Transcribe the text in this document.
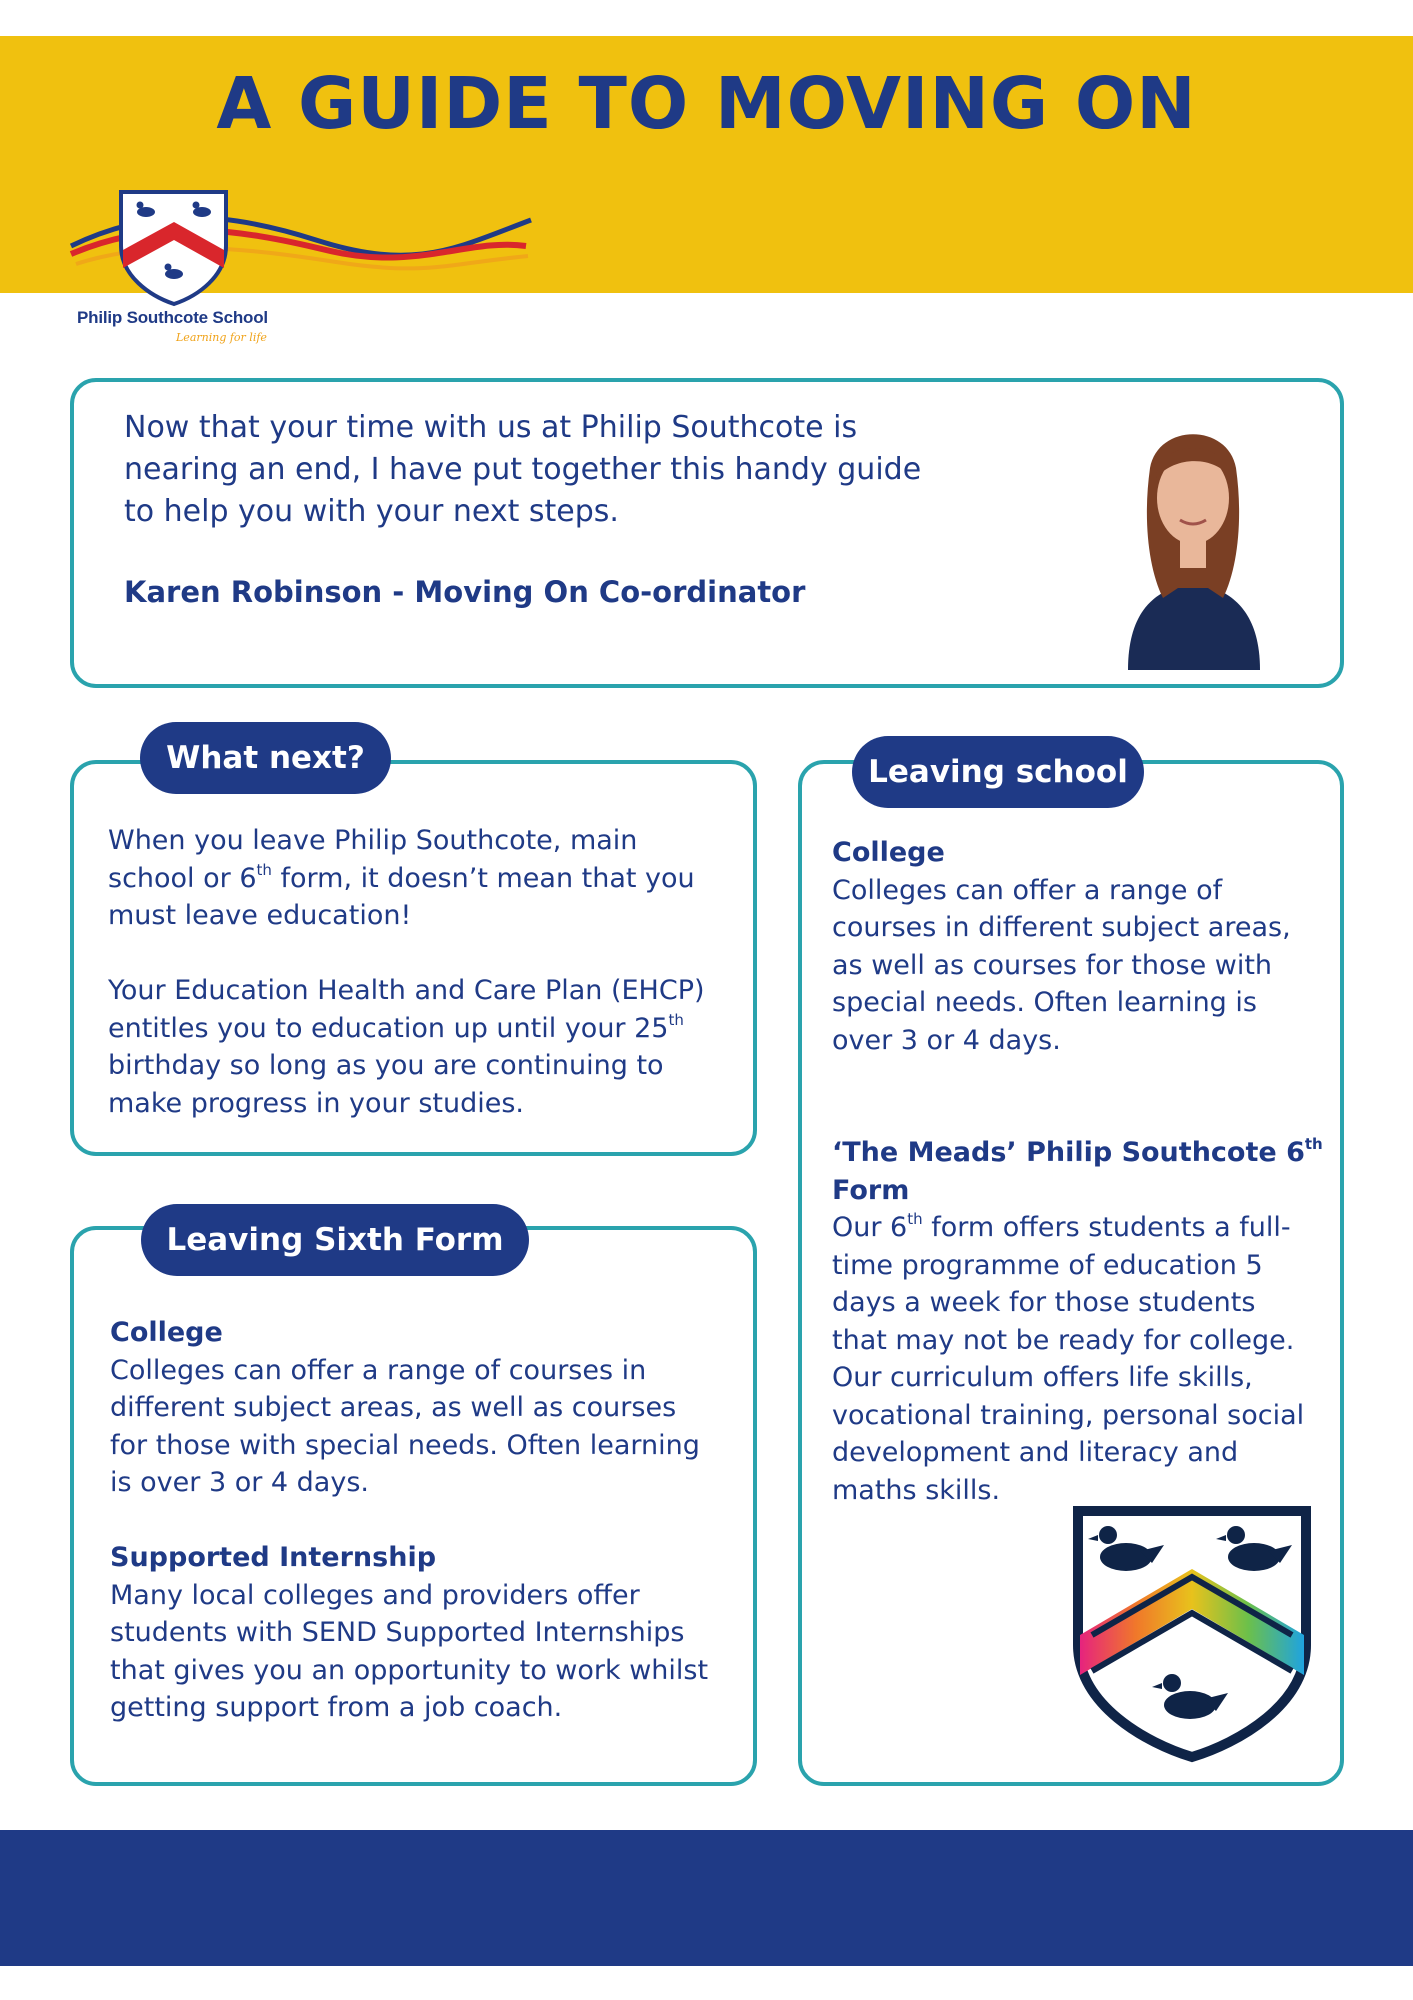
A GUIDE TO MOVING ON
Philip Southcote School
Learning for life
Now that your time with us at Philip Southcote is
nearing an end, I have put together this handy guide
to help you with your next steps.
Karen Robinson - Moving On Co-ordinator
What next?

When you leave Philip Southcote, main

school or 6th form, it doesn’t mean that you

must leave education!

Your Education Health and Care Plan (EHCP)

entitles you to education up until your 25th

birthday so long as you are continuing to

make progress in your studies.

Leaving Sixth Form

College

Colleges can offer a range of courses in

different subject areas, as well as courses

for those with special needs. Often learning

is over 3 or 4 days.

Supported Internship

Many local colleges and providers offer

students with SEND Supported Internships

that gives you an opportunity to work whilst

getting support from a job coach.

Leaving school

College

Colleges can offer a range of

courses in different subject areas,

as well as courses for those with

special needs. Often learning is

over 3 or 4 days.

‘The Meads’ Philip Southcote 6th

Form

Our 6th form offers students a full-

time programme of education 5

days a week for those students

that may not be ready for college.

Our curriculum offers life skills,

vocational training, personal social

development and literacy and

maths skills.
